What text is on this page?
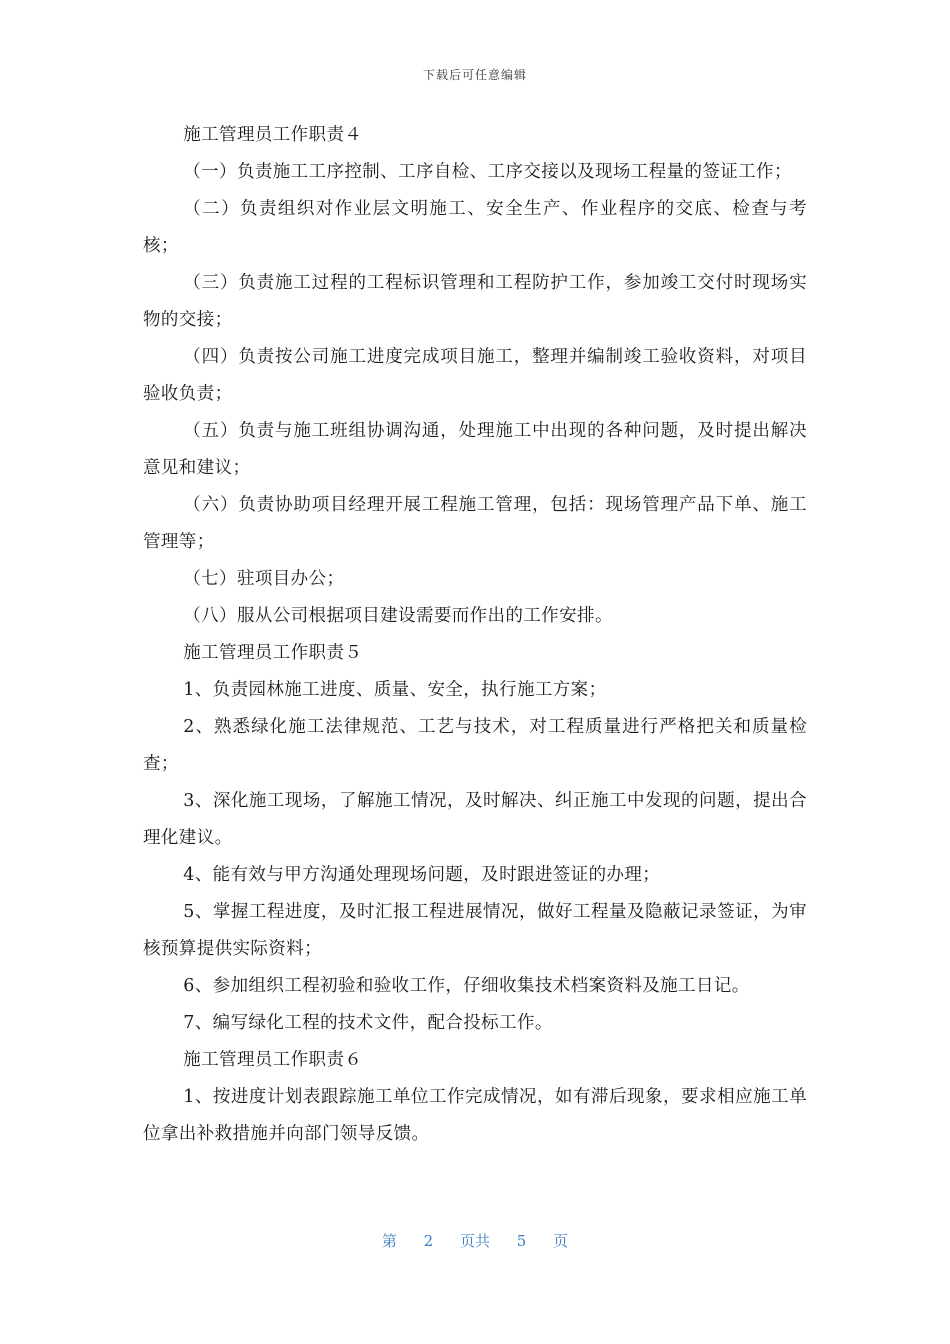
下载后可任意编辑

施工管理员工作职责４

（一）负责施工工序控制、工序自检、工序交接以及现场工程量的签证工作；

（二）负责组织对作业层文明施工、安全生产、作业程序的交底、检查与考核；

（三）负责施工过程的工程标识管理和工程防护工作，参加竣工交付时现场实物的交接；

（四）负责按公司施工进度完成项目施工，整理并编制竣工验收资料，对项目验收负责；

（五）负责与施工班组协调沟通，处理施工中出现的各种问题，及时提出解决意见和建议；

（六）负责协助项目经理开展工程施工管理，包括：现场管理产品下单、施工管理等；

（七）驻项目办公；

（八）服从公司根据项目建设需要而作出的工作安排。

施工管理员工作职责５

1、负责园林施工进度、质量、安全，执行施工方案；

2、熟悉绿化施工法律规范、工艺与技术，对工程质量进行严格把关和质量检查；

3、深化施工现场，了解施工情况，及时解决、纠正施工中发现的问题，提出合理化建议。

4、能有效与甲方沟通处理现场问题，及时跟进签证的办理；

5、掌握工程进度，及时汇报工程进展情况，做好工程量及隐蔽记录签证，为审核预算提供实际资料；

6、参加组织工程初验和验收工作，仔细收集技术档案资料及施工日记。

7、编写绿化工程的技术文件，配合投标工作。

施工管理员工作职责６

1、按进度计划表跟踪施工单位工作完成情况，如有滞后现象，要求相应施工单位拿出补救措施并向部门领导反馈。

第 2 页共 5 页
